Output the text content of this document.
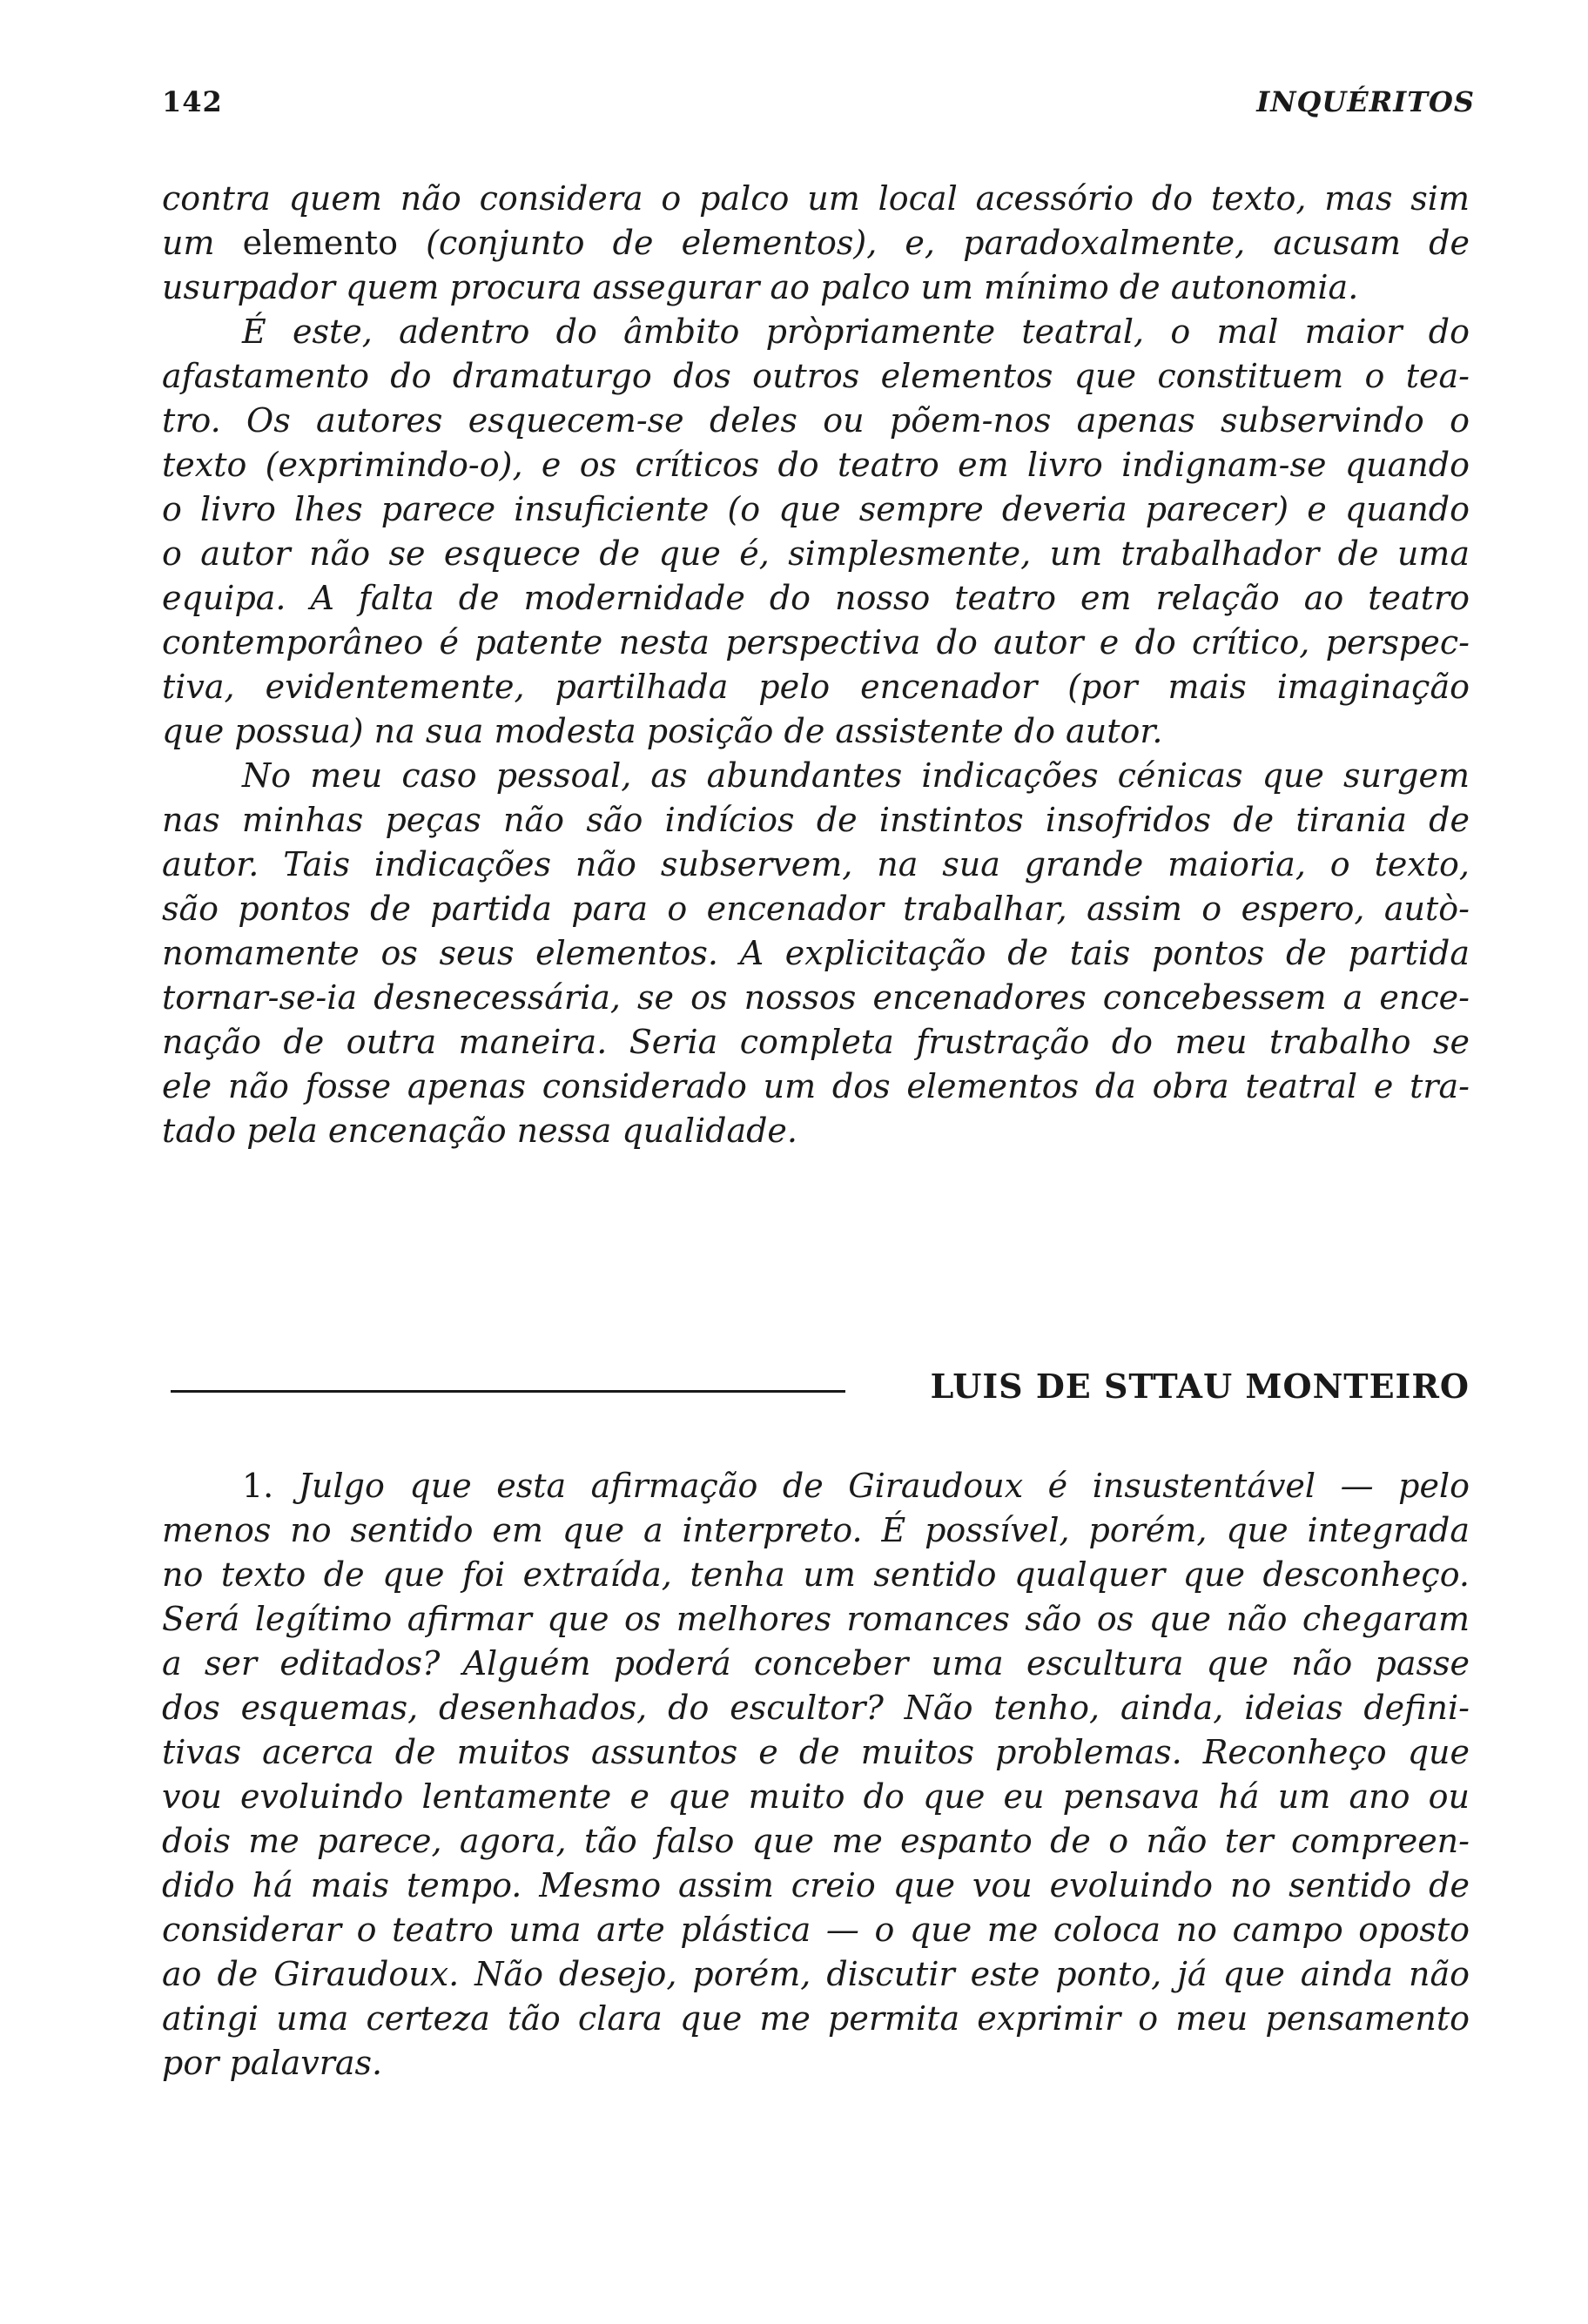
142	INQUÉRITOS
contra quem não considera o palco um local acessório do texto, mas sim
um elemento (conjunto de elementos), e, paradoxalmente, acusam de
usurpador quem procura assegurar ao palco um mínimo de autonomia.
É este, adentro do âmbito pròpriamente teatral, o mal maior do
afastamento do dramaturgo dos outros elementos que constituem o tea-
tro. Os autores esquecem-se deles ou põem-nos apenas subservindo o
texto (exprimindo-o), e os críticos do teatro em livro indignam-se quando
o livro lhes parece insuficiente (o que sempre deveria parecer) e quando
o autor não se esquece de que é, simplesmente, um trabalhador de uma
equipa. A falta de modernidade do nosso teatro em relação ao teatro
contemporâneo é patente nesta perspectiva do autor e do crítico, perspec-
tiva, evidentemente, partilhada pelo encenador (por mais imaginação
que possua) na sua modesta posição de assistente do autor.
No meu caso pessoal, as abundantes indicações cénicas que surgem
nas minhas peças não são indícios de instintos insofridos de tirania de
autor. Tais indicações não subservem, na sua grande maioria, o texto,
são pontos de partida para o encenador trabalhar, assim o espero, autò-
nomamente os seus elementos. A explicitação de tais pontos de partida
tornar-se-ia desnecessária, se os nossos encenadores concebessem a ence-
nação de outra maneira. Seria completa frustração do meu trabalho se
ele não fosse apenas considerado um dos elementos da obra teatral e tra-
tado pela encenação nessa qualidade.
LUIS DE STTAU MONTEIRO
1. Julgo que esta afirmação de Giraudoux é insustentável — pelo
menos no sentido em que a interpreto. É possível, porém, que integrada
no texto de que foi extraída, tenha um sentido qualquer que desconheço.
Será legítimo afirmar que os melhores romances são os que não chegaram
a ser editados? Alguém poderá conceber uma escultura que não passe
dos esquemas, desenhados, do escultor? Não tenho, ainda, ideias defini-
tivas acerca de muitos assuntos e de muitos problemas. Reconheço que
vou evoluindo lentamente e que muito do que eu pensava há um ano ou
dois me parece, agora, tão falso que me espanto de o não ter compreen-
dido há mais tempo. Mesmo assim creio que vou evoluindo no sentido de
considerar o teatro uma arte plástica — o que me coloca no campo oposto
ao de Giraudoux. Não desejo, porém, discutir este ponto, já que ainda não
atingi uma certeza tão clara que me permita exprimir o meu pensamento
por palavras.
